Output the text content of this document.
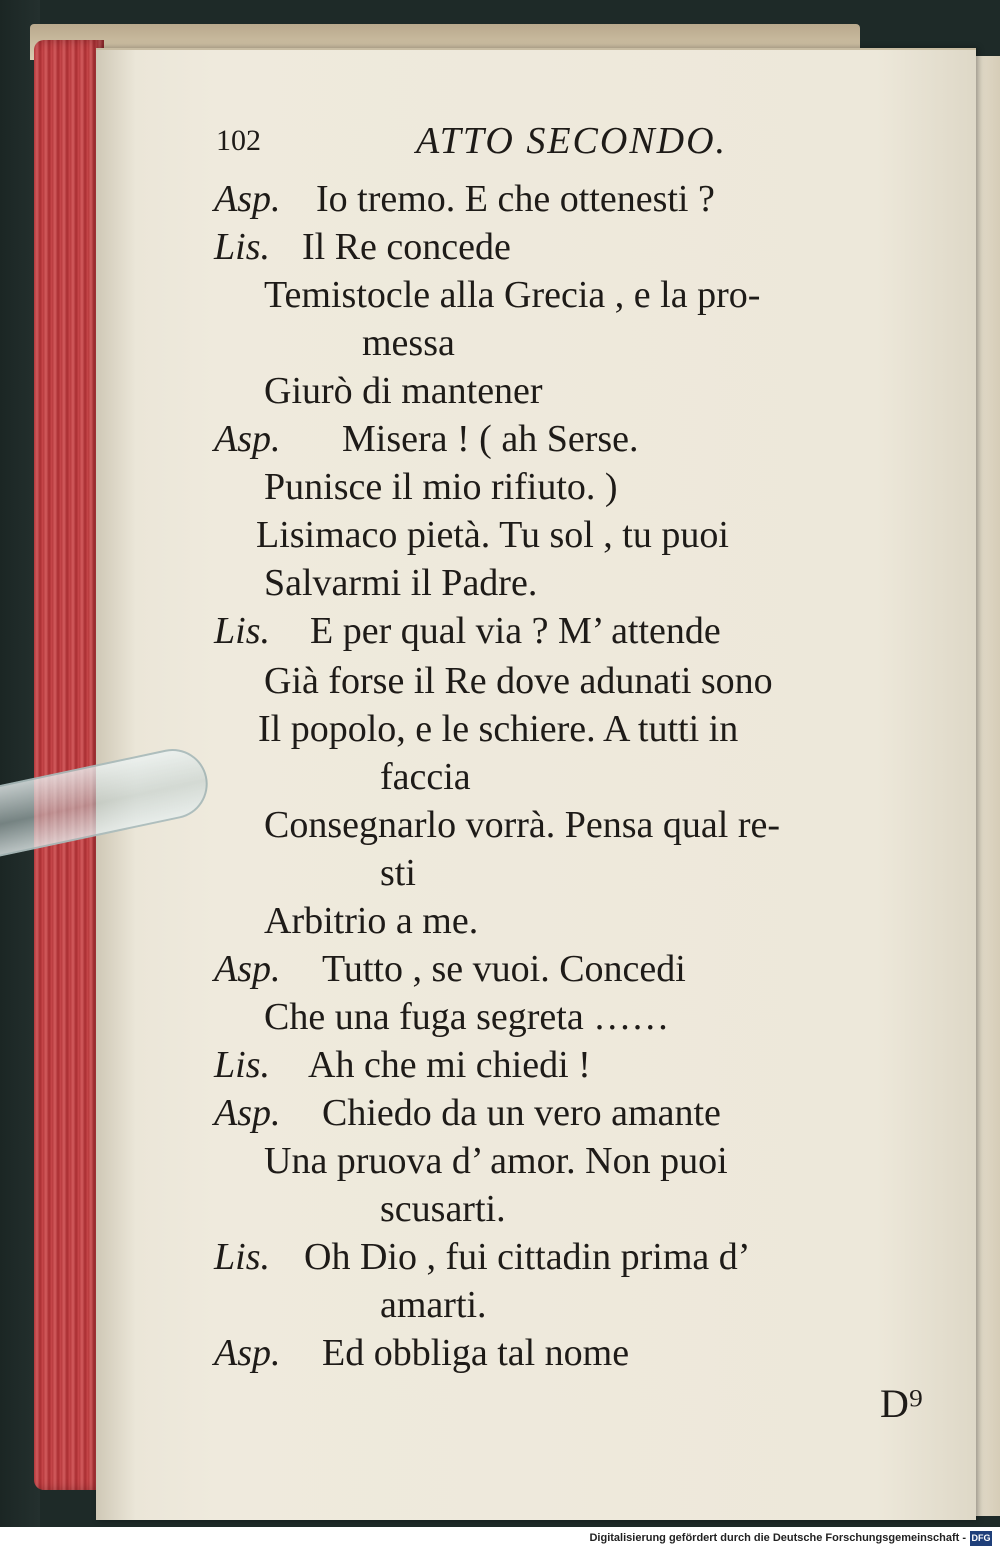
102	ATTO SECONDO.
Asp. Io tremo. E che ottenesti ?
Lis. Il Re concede
Temistocle alla Grecia , e la pro-
messa
Giurò di mantener
Asp. Misera ! ( ah Serse.
Punisce il mio rifiuto. )
Lisimaco pietà. Tu sol , tu puoi
Salvarmi il Padre.
Lis. E per qual via ? M’ attende
Già forse il Re dove adunati sono
Il popolo, e le schiere. A tutti in
faccia
Consegnarlo vorrà. Pensa qual re-
sti
Arbitrio a me.
Asp. Tutto , se vuoi. Concedi
Che una fuga segreta ……
Lis. Ah che mi chiedi !
Asp. Chiedo da un vero amante
Una pruova d’ amor. Non puoi
scusarti.
Lis. Oh Dio , fui cittadin prima d’
amarti.
Asp. Ed obbliga tal nome
D⁹
Digitalisierung gefördert durch die Deutsche Forschungsgemeinschaft - DFG
